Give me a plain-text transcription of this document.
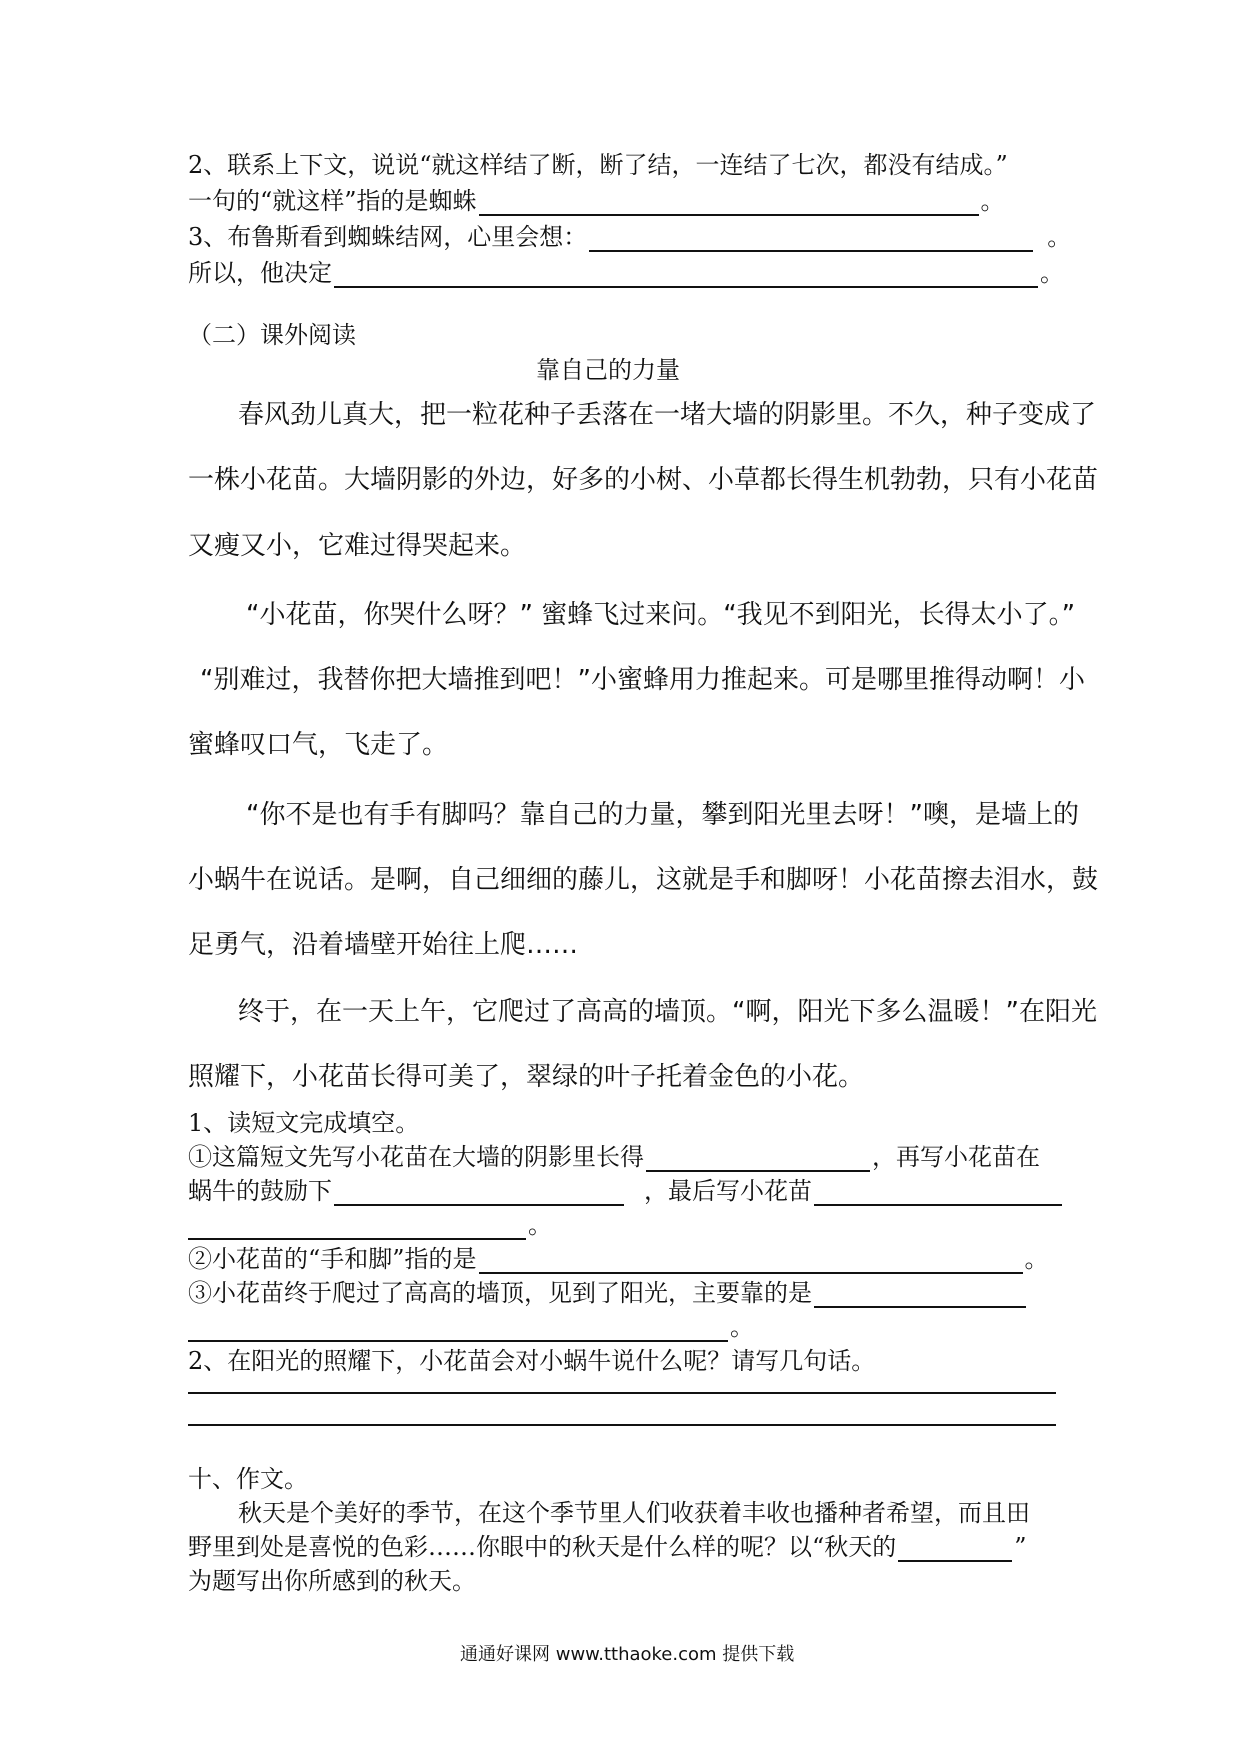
2、联系上下文，说说“就这样结了断，断了结，一连结了七次，都没有结成。”
一句的“就这样”指的是蜘蛛	。
3、布鲁斯看到蜘蛛结网，心里会想：	。
所以，他决定	。
（二）课外阅读
靠自己的力量
春风劲儿真大，把一粒花种子丢落在一堵大墙的阴影里。不久，种子变成了
一株小花苗。大墙阴影的外边，好多的小树、小草都长得生机勃勃，只有小花苗
又瘦又小，它难过得哭起来。
“小花苗，你哭什么呀？” 蜜蜂飞过来问。“我见不到阳光，长得太小了。”
“别难过，我替你把大墙推到吧！”小蜜蜂用力推起来。可是哪里推得动啊！小
蜜蜂叹口气，飞走了。
“你不是也有手有脚吗？靠自己的力量，攀到阳光里去呀！”噢，是墙上的
小蜗牛在说话。是啊，自己细细的藤儿，这就是手和脚呀！小花苗擦去泪水，鼓
足勇气，沿着墙壁开始往上爬……
终于，在一天上午，它爬过了高高的墙顶。“啊，阳光下多么温暖！”在阳光
照耀下，小花苗长得可美了，翠绿的叶子托着金色的小花。
1、读短文完成填空。
①这篇短文先写小花苗在大墙的阴影里长得	，再写小花苗在
蜗牛的鼓励下	，最后写小花苗
。
②小花苗的“手和脚”指的是	。
③小花苗终于爬过了高高的墙顶，见到了阳光，主要靠的是
。
2、在阳光的照耀下，小花苗会对小蜗牛说什么呢？请写几句话。
十、作文。
秋天是个美好的季节，在这个季节里人们收获着丰收也播种者希望，而且田
野里到处是喜悦的色彩……你眼中的秋天是什么样的呢？以“秋天的	”
为题写出你所感到的秋天。
通通好课网 www.tthaoke.com 提供下载
